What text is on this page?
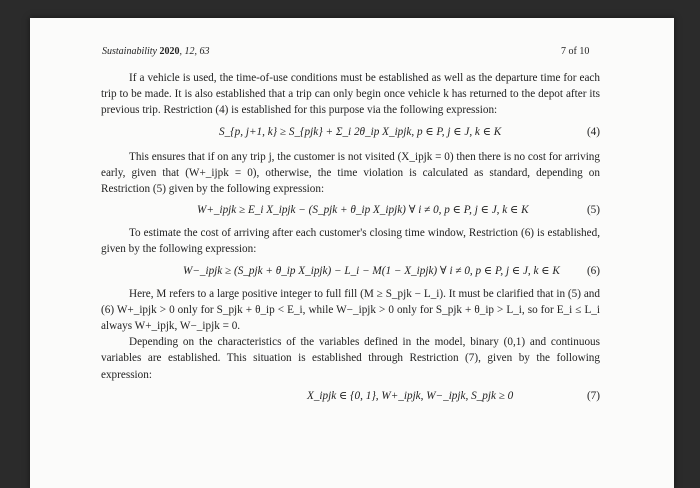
Sustainability 2020, 12, 63	7 of 10

If a vehicle is used, the time-of-use conditions must be established as well as the departure time for each trip to be made. It is also established that a trip can only begin once vehicle k has returned to the depot after its previous trip. Restriction (4) is established for this purpose via the following expression:

S_{p, j+1, k} ≥ S_{pjk} + Σ_i 2θ_ip X_ipjk, p ∈ P, j ∈ J, k ∈ K	(4)

This ensures that if on any trip j, the customer is not visited (X_ipjk = 0) then there is no cost for arriving early, given that (W+_ijpk = 0), otherwise, the time violation is calculated as standard, depending on Restriction (5) given by the following expression:

W+_ipjk ≥ E_i X_ipjk − (S_pjk + θ_ip X_ipjk) ∀ i ≠ 0, p ∈ P, j ∈ J, k ∈ K	(5)

To estimate the cost of arriving after each customer's closing time window, Restriction (6) is established, given by the following expression:

W−_ipjk ≥ (S_pjk + θ_ip X_ipjk) − L_i − M(1 − X_ipjk) ∀ i ≠ 0, p ∈ P, j ∈ J, k ∈ K (6)

Here, M refers to a large positive integer to full fill (M ≥ S_pjk − L_i). It must be clarified that in (5) and (6) W+_ipjk > 0 only for S_pjk + θ_ip < E_i, while W−_ipjk > 0 only for S_pjk + θ_ip > L_i, so for E_i ≤ L_i always W+_ipjk, W−_ipjk = 0.

Depending on the characteristics of the variables defined in the model, binary (0,1) and continuous variables are established. This situation is established through Restriction (7), given by the following expression:

X_ipjk ∈ {0, 1}, W+_ipjk, W−_ipjk, S_pjk ≥ 0	(7)
